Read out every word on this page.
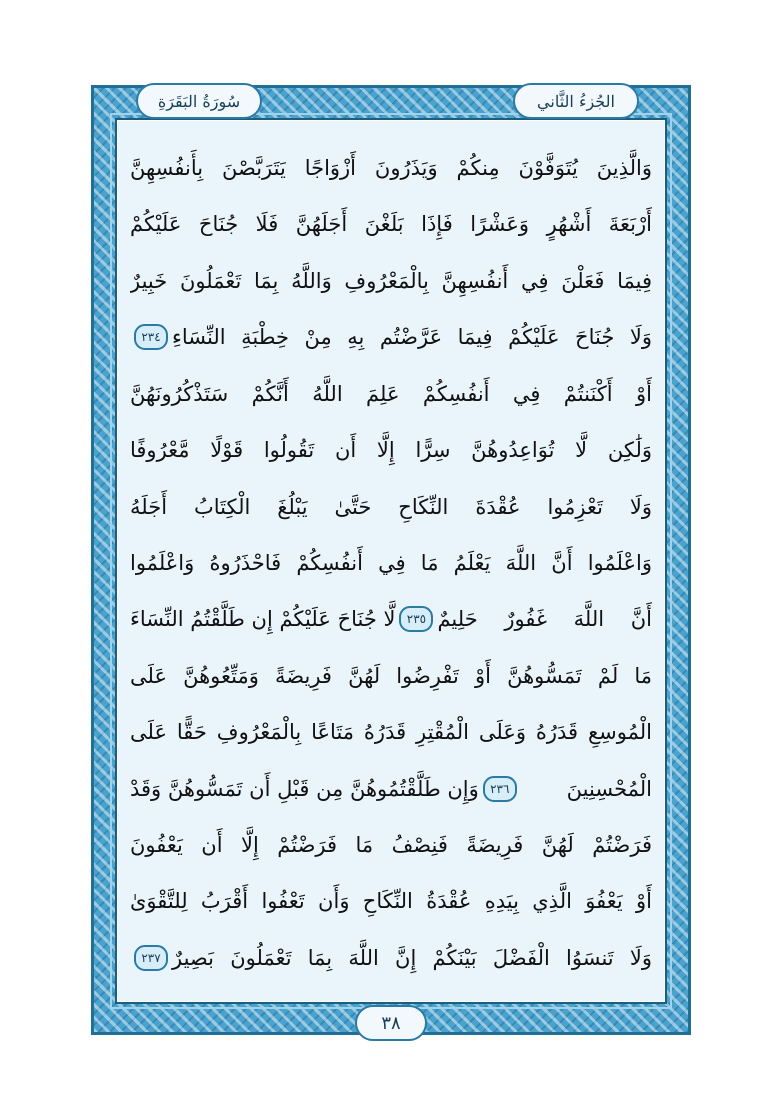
الجُزءُ الثَّاني
سُورَةُ البَقَرَةِ
وَالَّذِينَ يُتَوَفَّوْنَ مِنكُمْ وَيَذَرُونَ أَزْوَاجًا يَتَرَبَّصْنَ بِأَنفُسِهِنَّ
أَرْبَعَةَ أَشْهُرٍ وَعَشْرًا فَإِذَا بَلَغْنَ أَجَلَهُنَّ فَلَا جُنَاحَ عَلَيْكُمْ
فِيمَا فَعَلْنَ فِي أَنفُسِهِنَّ بِالْمَعْرُوفِ وَاللَّهُ بِمَا تَعْمَلُونَ خَبِيرٌ
وَلَا جُنَاحَ عَلَيْكُمْ فِيمَا عَرَّضْتُم بِهِ مِنْ خِطْبَةِ النِّسَاءِ
٢٣٤
أَوْ أَكْنَنتُمْ فِي أَنفُسِكُمْ عَلِمَ اللَّهُ أَنَّكُمْ سَتَذْكُرُونَهُنَّ
وَلَٰكِن لَّا تُوَاعِدُوهُنَّ سِرًّا إِلَّا أَن تَقُولُوا قَوْلًا مَّعْرُوفًا
وَلَا تَعْزِمُوا عُقْدَةَ النِّكَاحِ حَتَّىٰ يَبْلُغَ الْكِتَابُ أَجَلَهُ
وَاعْلَمُوا أَنَّ اللَّهَ يَعْلَمُ مَا فِي أَنفُسِكُمْ فَاحْذَرُوهُ وَاعْلَمُوا
أَنَّ اللَّهَ غَفُورٌ حَلِيمٌ
٢٣٥
لَّا جُنَاحَ عَلَيْكُمْ إِن طَلَّقْتُمُ النِّسَاءَ
مَا لَمْ تَمَسُّوهُنَّ أَوْ تَفْرِضُوا لَهُنَّ فَرِيضَةً وَمَتِّعُوهُنَّ عَلَى
الْمُوسِعِ قَدَرُهُ وَعَلَى الْمُقْتِرِ قَدَرُهُ مَتَاعًا بِالْمَعْرُوفِ حَقًّا عَلَى
الْمُحْسِنِينَ
٢٣٦
وَإِن طَلَّقْتُمُوهُنَّ مِن قَبْلِ أَن تَمَسُّوهُنَّ وَقَدْ
فَرَضْتُمْ لَهُنَّ فَرِيضَةً فَنِصْفُ مَا فَرَضْتُمْ إِلَّا أَن يَعْفُونَ
أَوْ يَعْفُوَ الَّذِي بِيَدِهِ عُقْدَةُ النِّكَاحِ وَأَن تَعْفُوا أَقْرَبُ لِلتَّقْوَىٰ
وَلَا تَنسَوُا الْفَضْلَ بَيْنَكُمْ إِنَّ اللَّهَ بِمَا تَعْمَلُونَ بَصِيرٌ
٢٣٧
٣٨
